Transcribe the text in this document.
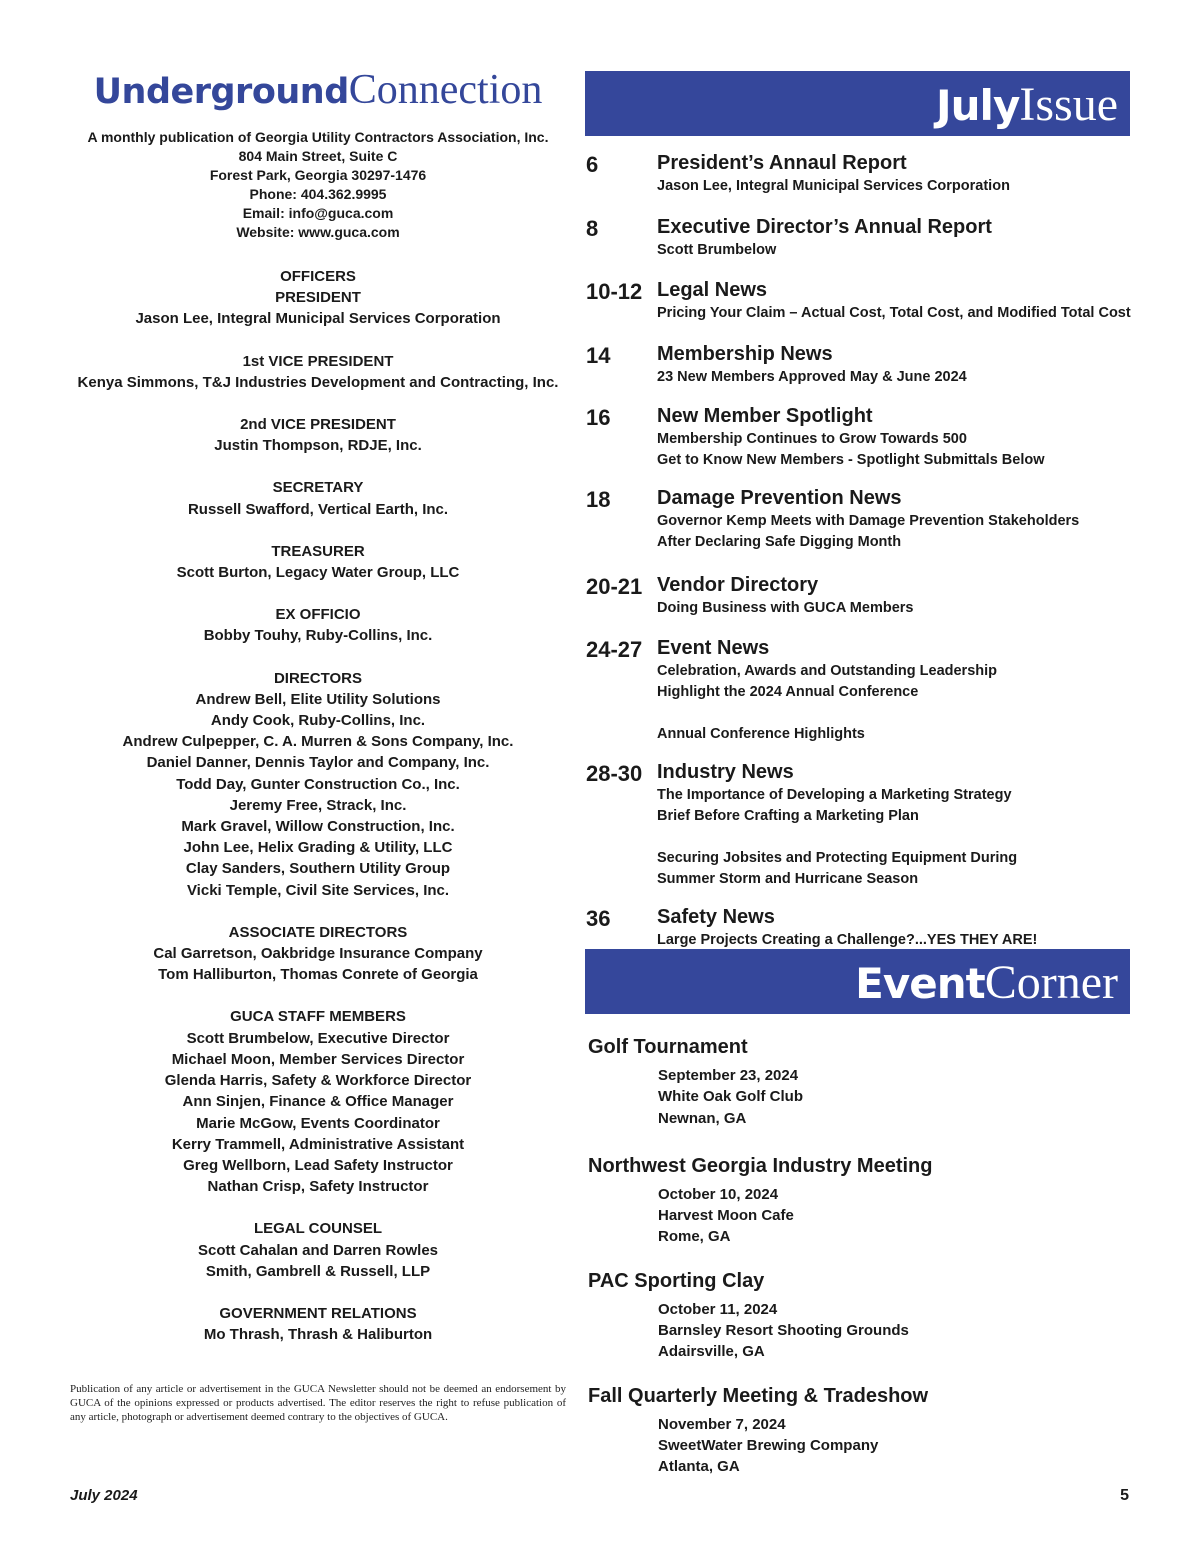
UndergroundConnection
A monthly publication of Georgia Utility Contractors Association, Inc.
804 Main Street, Suite C
Forest Park, Georgia 30297-1476
Phone: 404.362.9995
Email: info@guca.com
Website: www.guca.com
OFFICERS
PRESIDENT
Jason Lee, Integral Municipal Services Corporation
1st VICE PRESIDENT
Kenya Simmons, T&J Industries Development and Contracting, Inc.
2nd VICE PRESIDENT
Justin Thompson, RDJE, Inc.
SECRETARY
Russell Swafford, Vertical Earth, Inc.
TREASURER
Scott Burton, Legacy Water Group, LLC
EX OFFICIO
Bobby Touhy, Ruby-Collins, Inc.
DIRECTORS
Andrew Bell, Elite Utility Solutions
Andy Cook, Ruby-Collins, Inc.
Andrew Culpepper, C. A. Murren & Sons Company, Inc.
Daniel Danner, Dennis Taylor and Company, Inc.
Todd Day, Gunter Construction Co., Inc.
Jeremy Free, Strack, Inc.
Mark Gravel, Willow Construction, Inc.
John Lee, Helix Grading & Utility, LLC
Clay Sanders, Southern Utility Group
Vicki Temple, Civil Site Services, Inc.
ASSOCIATE DIRECTORS
Cal Garretson, Oakbridge Insurance Company
Tom Halliburton, Thomas Conrete of Georgia
GUCA STAFF MEMBERS
Scott Brumbelow, Executive Director
Michael Moon, Member Services Director
Glenda Harris, Safety & Workforce Director
Ann Sinjen, Finance & Office Manager
Marie McGow, Events Coordinator
Kerry Trammell, Administrative Assistant
Greg Wellborn, Lead Safety Instructor
Nathan Crisp, Safety Instructor
LEGAL COUNSEL
Scott Cahalan and Darren Rowles
Smith, Gambrell & Russell, LLP
GOVERNMENT RELATIONS
Mo Thrash, Thrash & Haliburton
Publication of any article or advertisement in the GUCA Newsletter should not be deemed an endorsement by GUCA of the opinions expressed or products advertised. The editor reserves the right to refuse publication of any article, photograph or advertisement deemed contrary to the objectives of GUCA.
July 2024	5
JulyIssue
6	President’s Annaul Report
Jason Lee, Integral Municipal Services Corporation
8	Executive Director’s Annual Report
Scott Brumbelow
10-12 Legal News
Pricing Your Claim – Actual Cost, Total Cost, and Modified Total Cost
14 Membership News
23 New Members Approved May & June 2024
16 New Member Spotlight
Membership Continues to Grow Towards 500
Get to Know New Members - Spotlight Submittals Below
18 Damage Prevention News
Governor Kemp Meets with Damage Prevention Stakeholders
After Declaring Safe Digging Month
20-21 Vendor Directory
Doing Business with GUCA Members
24-27 Event News
Celebration, Awards and Outstanding Leadership
Highlight the 2024 Annual Conference
Annual Conference Highlights
28-30 Industry News
The Importance of Developing a Marketing Strategy
Brief Before Crafting a Marketing Plan
Securing Jobsites and Protecting Equipment During
Summer Storm and Hurricane Season
36 Safety News
Large Projects Creating a Challenge?...YES THEY ARE!
EventCorner
Golf Tournament
September 23, 2024
White Oak Golf Club
Newnan, GA
Northwest Georgia Industry Meeting
October 10, 2024
Harvest Moon Cafe
Rome, GA
PAC Sporting Clay
October 11, 2024
Barnsley Resort Shooting Grounds
Adairsville, GA
Fall Quarterly Meeting & Tradeshow
November 7, 2024
SweetWater Brewing Company
Atlanta, GA
